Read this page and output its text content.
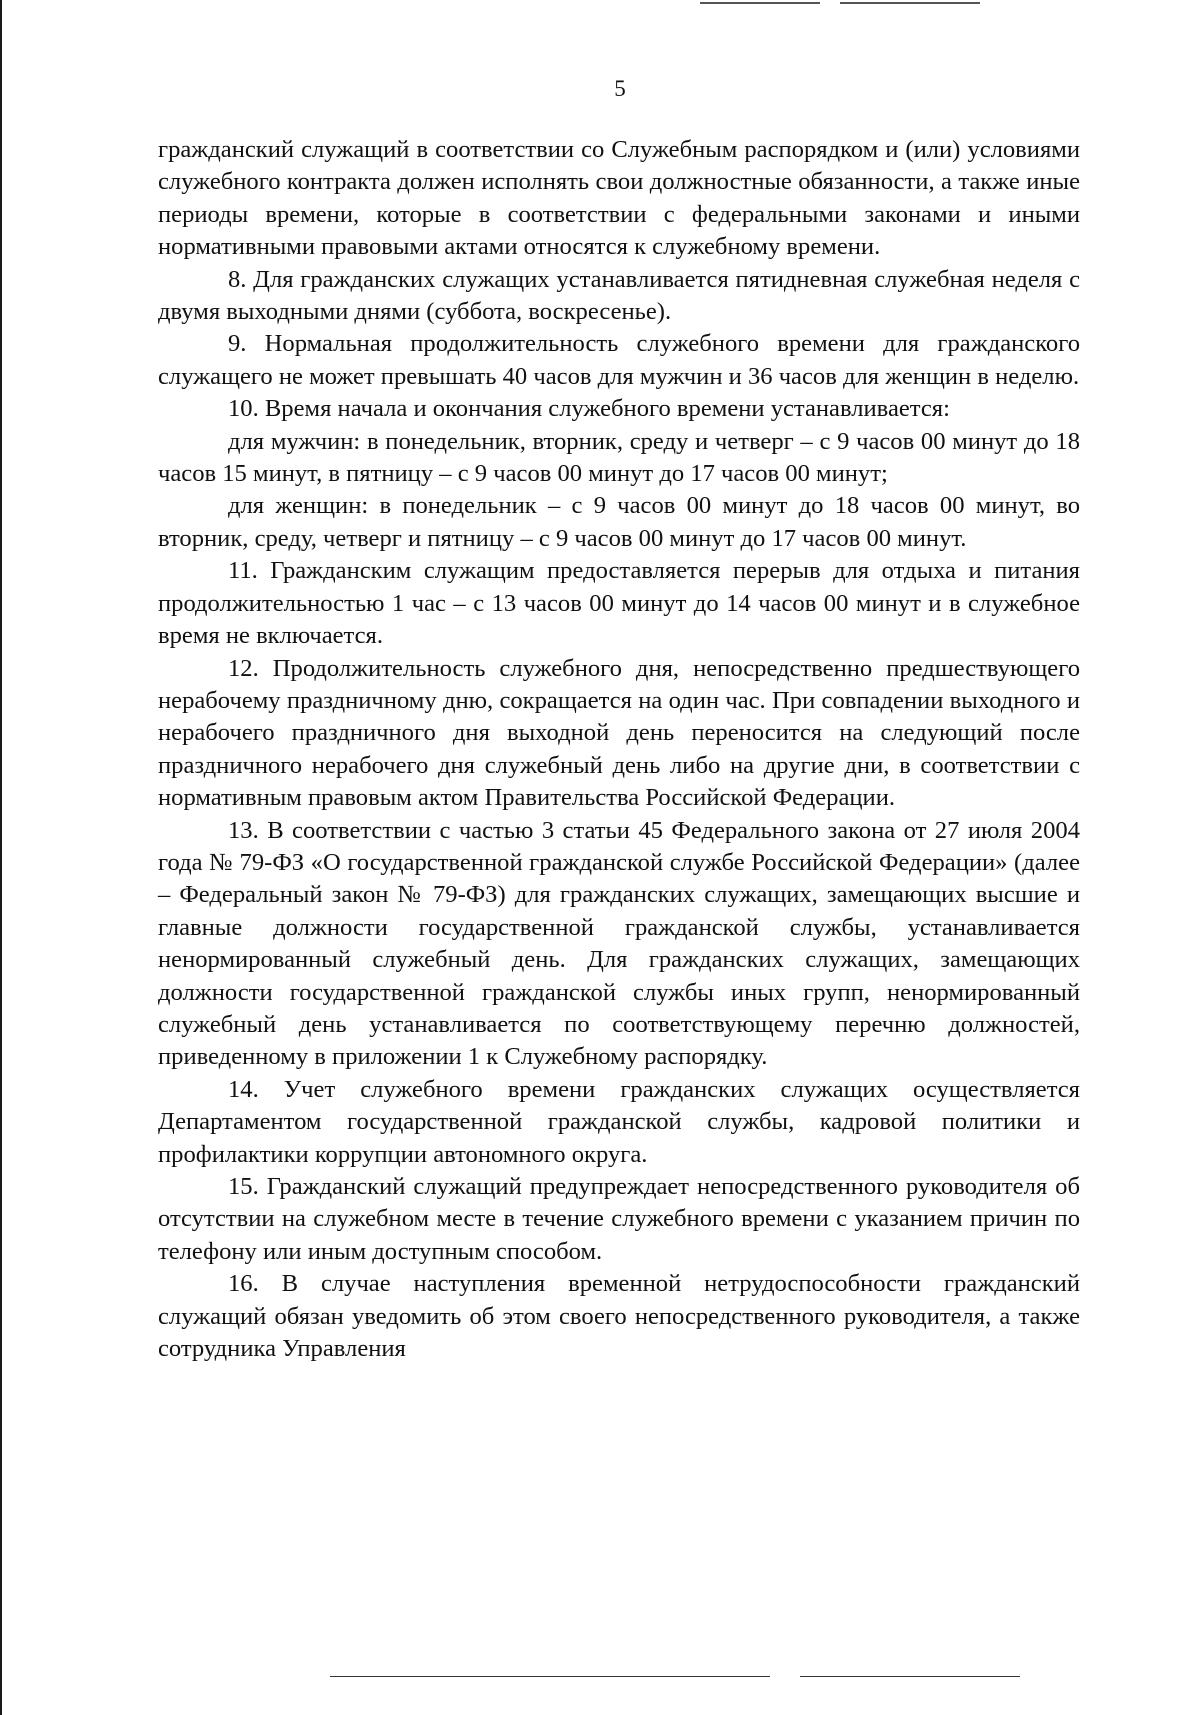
5

гражданский служащий в соответствии со Служебным распорядком и (или) условиями служебного контракта должен исполнять свои должностные обязанности, а также иные периоды времени, которые в соответствии с федеральными законами и иными нормативными правовыми актами относятся к служебному времени.

8. Для гражданских служащих устанавливается пятидневная служебная неделя с двумя выходными днями (суббота, воскресенье).

9. Нормальная продолжительность служебного времени для гражданского служащего не может превышать 40 часов для мужчин и 36 часов для женщин в неделю.

10. Время начала и окончания служебного времени устанавливается:

для мужчин: в понедельник, вторник, среду и четверг – с 9 часов 00 минут до 18 часов 15 минут, в пятницу – с 9 часов 00 минут до 17 часов 00 минут;

для женщин: в понедельник – с 9 часов 00 минут до 18 часов 00 минут, во вторник, среду, четверг и пятницу – с 9 часов 00 минут до 17 часов 00 минут.

11. Гражданским служащим предоставляется перерыв для отдыха и питания продолжительностью 1 час – с 13 часов 00 минут до 14 часов 00 минут и в служебное время не включается.

12. Продолжительность служебного дня, непосредственно предшествующего нерабочему праздничному дню, сокращается на один час. При совпадении выходного и нерабочего праздничного дня выходной день переносится на следующий после праздничного нерабочего дня служебный день либо на другие дни, в соответствии с нормативным правовым актом Правительства Российской Федерации.

13. В соответствии с частью 3 статьи 45 Федерального закона от 27 июля 2004 года № 79-ФЗ «О государственной гражданской службе Российской Федерации» (далее – Федеральный закон № 79-ФЗ) для гражданских служащих, замещающих высшие и главные должности государственной гражданской службы, устанавливается ненормированный служебный день. Для гражданских служащих, замещающих должности государственной гражданской службы иных групп, ненормированный служебный день устанавливается по соответствующему перечню должностей, приведенному в приложении 1 к Служебному распорядку.

14. Учет служебного времени гражданских служащих осуществляется Департаментом государственной гражданской службы, кадровой политики и профилактики коррупции автономного округа.

15. Гражданский служащий предупреждает непосредственного руководителя об отсутствии на служебном месте в течение служебного времени с указанием причин по телефону или иным доступным способом.

16. В случае наступления временной нетрудоспособности гражданский служащий обязан уведомить об этом своего непосредственного руководителя, а также сотрудника Управления
